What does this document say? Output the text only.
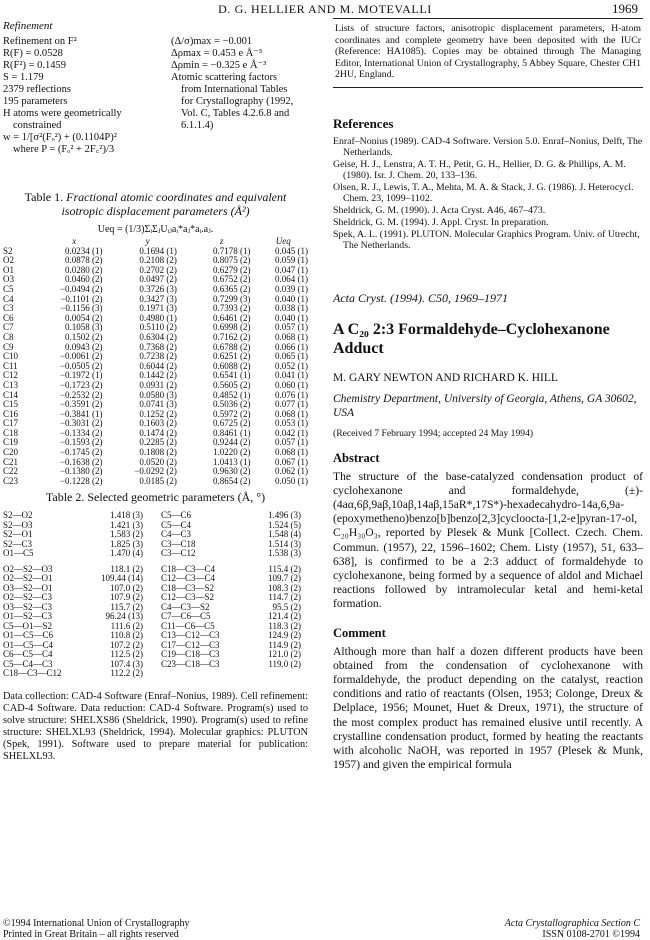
D. G. HELLIER AND M. MOTEVALLI	1969
Refinement
Refinement on F²
R(F) = 0.0528
R(F²) = 0.1459
S = 1.179
2379 reflections
195 parameters
H atoms were geometrically
constrained
w = 1/[σ²(Fₒ²) + (0.1104P)²
where P = (Fₒ² + 2F꜀²)/3
(Δ/σ)max = −0.001
Δρmax = 0.453 e Å⁻³
Δρmin = −0.325 e Å⁻³
Atomic scattering factors
from International Tables
for Crystallography (1992,
Vol. C, Tables 4.2.6.8 and
6.1.1.4)
Table 1. Fractional atomic coordinates and equivalent isotropic displacement parameters (Å²)
Ueq = (1/3)ΣᵢΣⱼUᵢⱼaᵢ*aⱼ*aᵢ.aⱼ.
	x	y	z	Ueq
S2	0.0234 (1)	0.1694 (1)	0.7178 (1)	0.045 (1)
O2	0.0878 (2)	0.2108 (2)	0.8075 (2)	0.059 (1)
O1	0.0280 (2)	0.2702 (2)	0.6279 (2)	0.047 (1)
O3	0.0460 (2)	0.0497 (2)	0.6752 (2)	0.064 (1)
C5	−0.0494 (2)	0.3726 (3)	0.6365 (2)	0.039 (1)
C4	−0.1101 (2)	0.3427 (3)	0.7299 (3)	0.040 (1)
C3	−0.1156 (3)	0.1971 (3)	0.7393 (2)	0.038 (1)
C6	0.0054 (2)	0.4980 (1)	0.6461 (2)	0.040 (1)
C7	0.1058 (3)	0.5110 (2)	0.6998 (2)	0.057 (1)
C8	0.1502 (2)	0.6304 (2)	0.7162 (2)	0.068 (1)
C9	0.0943 (2)	0.7368 (2)	0.6788 (2)	0.066 (1)
C10	−0.0061 (2)	0.7238 (2)	0.6251 (2)	0.065 (1)
C11	−0.0505 (2)	0.6044 (2)	0.6088 (2)	0.052 (1)
C12	−0.1972 (1)	0.1442 (2)	0.6541 (1)	0.041 (1)
C13	−0.1723 (2)	0.0931 (2)	0.5605 (2)	0.060 (1)
C14	−0.2532 (2)	0.0580 (3)	0.4852 (1)	0.076 (1)
C15	−0.3591 (2)	0.0741 (3)	0.5036 (2)	0.077 (1)
C16	−0.3841 (1)	0.1252 (2)	0.5972 (2)	0.068 (1)
C17	−0.3031 (2)	0.1603 (2)	0.6725 (2)	0.053 (1)
C18	−0.1334 (2)	0.1474 (2)	0.8461 (1)	0.042 (1)
C19	−0.1593 (2)	0.2285 (2)	0.9244 (2)	0.057 (1)
C20	−0.1745 (2)	0.1808 (2)	1.0220 (2)	0.068 (1)
C21	−0.1638 (2)	0.0520 (2)	1.0413 (1)	0.067 (1)
C22	−0.1380 (2)	−0.0292 (2)	0.9630 (2)	0.062 (1)
C23	−0.1228 (2)	0.0185 (2)	0.8654 (2)	0.050 (1)
Table 2. Selected geometric parameters (Å, °)
S2—O2	1.418 (3)	C5—C6	1.496 (3)
S2—O3	1.421 (3)	C5—C4	1.524 (5)
S2—O1	1.583 (2)	C4—C3	1.548 (4)
S2—C3	1.825 (3)	C3—C18	1.514 (3)
O1—C5	1.470 (4)	C3—C12	1.538 (3)

O2—S2—O3	118.1 (2)	C18—C3—C4	115.4 (2)
O2—S2—O1	109.44 (14)	C12—C3—C4	109.7 (2)
O3—S2—O1	107.0 (2)	C18—C3—S2	108.3 (2)
O2—S2—C3	107.9 (2)	C12—C3—S2	114.7 (2)
O3—S2—C3	115.7 (2)	C4—C3—S2	95.5 (2)
O1—S2—C3	96.24 (13)	C7—C6—C5	121.4 (2)
C5—O1—S2	111.6 (2)	C11—C6—C5	118.3 (2)
O1—C5—C6	110.8 (2)	C13—C12—C3	124.9 (2)
O1—C5—C4	107.2 (2)	C17—C12—C3	114.9 (2)
C6—C5—C4	112.5 (2)	C19—C18—C3	121.0 (2)
C5—C4—C3	107.4 (3)	C23—C18—C3	119.0 (2)
C18—C3—C12	112.2 (2)		
Data collection: CAD-4 Software (Enraf–Nonius, 1989). Cell refinement: CAD-4 Software. Data reduction: CAD-4 Software. Program(s) used to solve structure: SHELXS86 (Sheldrick, 1990). Program(s) used to refine structure: SHELXL93 (Sheldrick, 1994). Molecular graphics: PLUTON (Spek, 1991). Software used to prepare material for publication: SHELXL93.
Lists of structure factors, anisotropic displacement parameters, H-atom coordinates and complete geometry have been deposited with the IUCr (Reference: HA1085). Copies may be obtained through The Managing Editor, International Union of Crystallography, 5 Abbey Square, Chester CH1 2HU, England.
References

Enraf–Nonius (1989). CAD-4 Software. Version 5.0. Enraf–Nonius, Delft, The Netherlands.

Geise, H. J., Lenstra, A. T. H., Petit, G. H., Hellier, D. G. & Phillips, A. M. (1980). Isr. J. Chem. 20, 133–136.

Olsen, R. J., Lewis, T. A., Mehta, M. A. & Stack, J. G. (1986). J. Heterocycl. Chem. 23, 1099–1102.

Sheldrick, G. M. (1990). J. Acta Cryst. A46, 467–473.

Sheldrick, G. M. (1994). J. Appl. Cryst. In preparation.

Spek, A. L. (1991). PLUTON. Molecular Graphics Program. Univ. of Utrecht, The Netherlands.

Acta Cryst. (1994). C50, 1969–1971
A C₂₀ 2:3 Formaldehyde–Cyclohexanone Adduct
M. GARY NEWTON AND RICHARD K. HILL
Chemistry Department, University of Georgia, Athens, GA 30602, USA
(Received 7 February 1994; accepted 24 May 1994)
Abstract

The structure of the base-catalyzed condensation product of cyclohexanone and formaldehyde, (±)-(4aα,6β,9aβ,10aβ,14aβ,15aR*,17S*)-hexadecahydro-14a,6,9a-(epoxymetheno)benzo[b]benzo[2,3]cycloocta-[1,2-e]pyran-17-ol, C₂₀H₃₀O₃, reported by Plesek & Munk [Collect. Czech. Chem. Commun. (1957), 22, 1596–1602; Chem. Listy (1957), 51, 633–638], is confirmed to be a 2:3 adduct of formaldehyde to cyclohexanone, being formed by a sequence of aldol and Michael reactions followed by intramolecular ketal and hemi-ketal formation.

Comment

Although more than half a dozen different products have been obtained from the condensation of cyclohexanone with formaldehyde, the product depending on the catalyst, reaction conditions and ratio of reactants (Olsen, 1953; Colonge, Dreux & Delplace, 1956; Mounet, Huet & Dreux, 1971), the structure of the most complex product has remained elusive until recently. A crystalline condensation product, formed by heating the reactants with alcoholic NaOH, was reported in 1957 (Plesek & Munk, 1957) and given the empirical formula

©1994 International Union of Crystallography
Printed in Great Britain – all rights reserved
Acta Crystallographica Section C
ISSN 0108-2701 ©1994
